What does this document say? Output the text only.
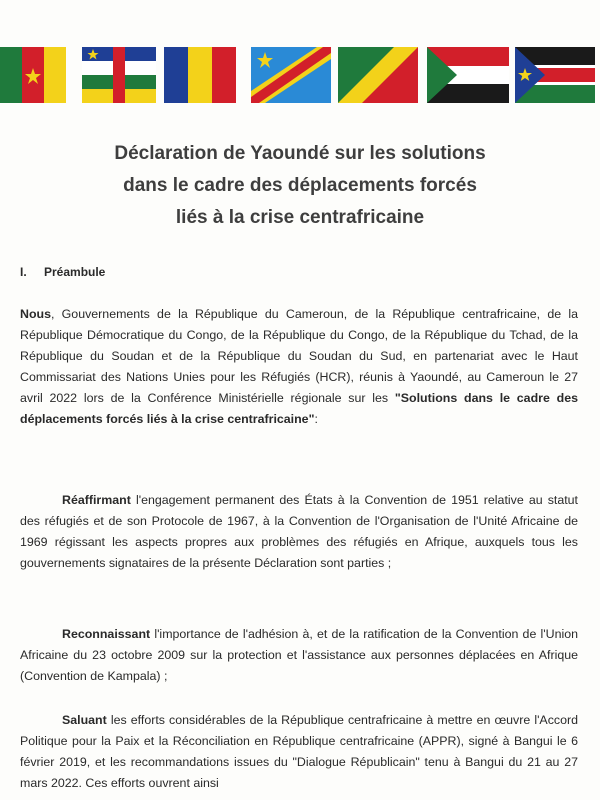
Déclaration de Yaoundé sur les solutions
dans le cadre des déplacements forcés
liés à la crise centrafricaine
I. Préambule
Nous, Gouvernements de la République du Cameroun, de la République centrafricaine, de la République Démocratique du Congo, de la République du Congo, de la République du Tchad, de la République du Soudan et de la République du Soudan du Sud, en partenariat avec le Haut Commissariat des Nations Unies pour les Réfugiés (HCR), réunis à Yaoundé, au Cameroun le 27 avril 2022 lors de la Conférence Ministérielle régionale sur les "Solutions dans le cadre des déplacements forcés liés à la crise centrafricaine":
Réaffirmant l'engagement permanent des États à la Convention de 1951 relative au statut des réfugiés et de son Protocole de 1967, à la Convention de l'Organisation de l'Unité Africaine de 1969 régissant les aspects propres aux problèmes des réfugiés en Afrique, auxquels tous les gouvernements signataires de la présente Déclaration sont parties ;
Reconnaissant l'importance de l'adhésion à, et de la ratification de la Convention de l'Union Africaine du 23 octobre 2009 sur la protection et l'assistance aux personnes déplacées en Afrique (Convention de Kampala) ;
Saluant les efforts considérables de la République centrafricaine à mettre en œuvre l'Accord Politique pour la Paix et la Réconciliation en République centrafricaine (APPR), signé à Bangui le 6 février 2019, et les recommandations issues du "Dialogue Républicain" tenu à Bangui du 21 au 27 mars 2022. Ces efforts ouvrent ainsi
